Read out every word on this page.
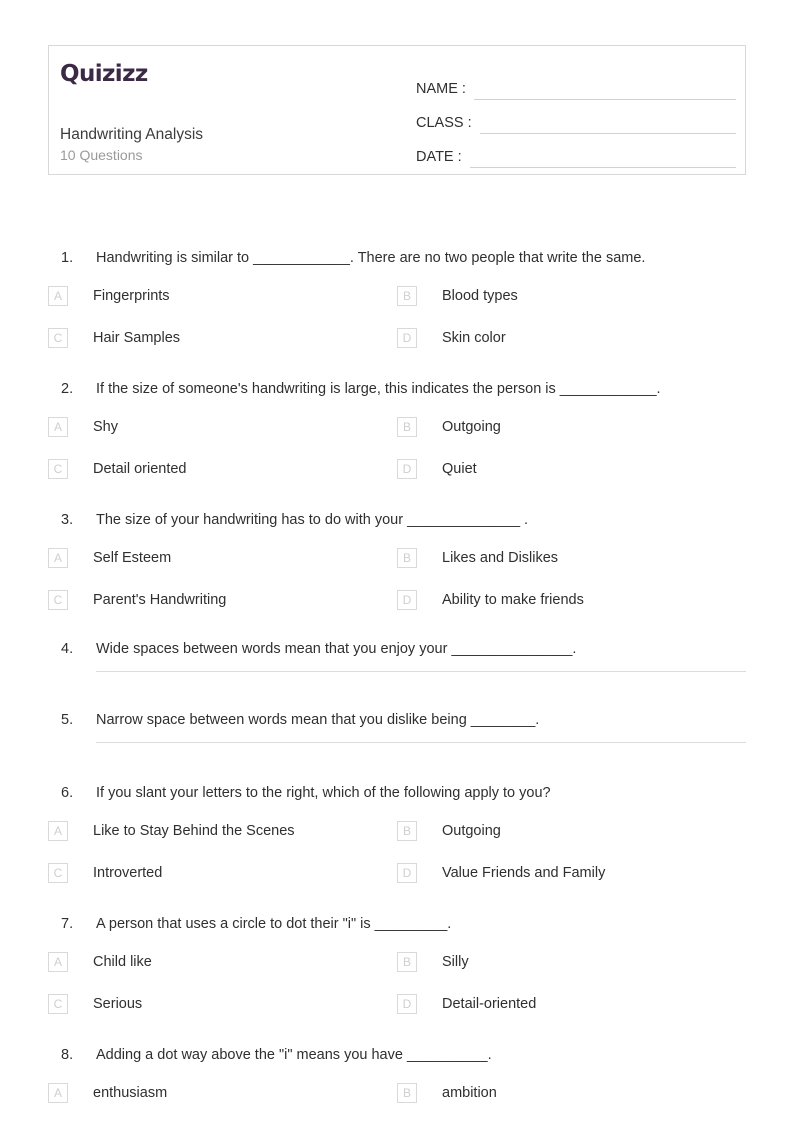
Quizizz
Handwriting Analysis
10 Questions
NAME :
CLASS :
DATE :
1.	Handwriting is similar to ____________. There are no two people that write the same.
A	Fingerprints	B	Blood types
C	Hair Samples	D	Skin color
2.	If the size of someone's handwriting is large, this indicates the person is ____________.
A	Shy	B	Outgoing
C	Detail oriented	D	Quiet
3.	The size of your handwriting has to do with your ______________ .
A	Self Esteem	B	Likes and Dislikes
C	Parent's Handwriting	D	Ability to make friends
4.	Wide spaces between words mean that you enjoy your _______________.
5.	Narrow space between words mean that you dislike being ________.
6.	If you slant your letters to the right, which of the following apply to you?
A	Like to Stay Behind the Scenes	B	Outgoing
C	Introverted	D	Value Friends and Family
7.	A person that uses a circle to dot their "i" is _________.
A	Child like	B	Silly
C	Serious	D	Detail-oriented
8.	Adding a dot way above the "i" means you have __________.
A	enthusiasm	B	ambition
